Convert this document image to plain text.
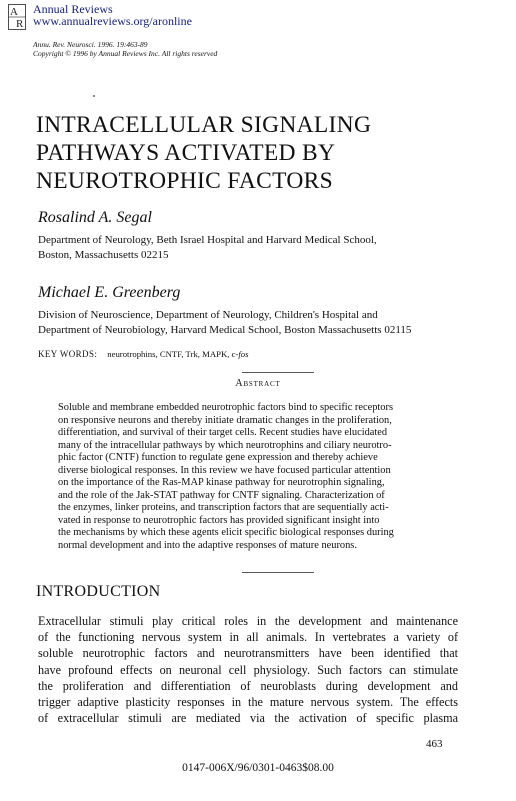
A
R
Annual Reviews
www.annualreviews.org/aronline
Annu. Rev. Neurosci. 1996. 19:463-89
Copyright © 1996 by Annual Reviews Inc. All rights reserved
INTRACELLULAR SIGNALING
PATHWAYS ACTIVATED BY
NEUROTROPHIC FACTORS
Rosalind A. Segal
Department of Neurology, Beth Israel Hospital and Harvard Medical School,
Boston, Massachusetts 02215
Michael E. Greenberg
Division of Neuroscience, Department of Neurology, Children's Hospital and
Department of Neurobiology, Harvard Medical School, Boston Massachusetts 02115
KEY WORDS: neurotrophins, CNTF, Trk, MAPK, c-fos
Abstract
Soluble and membrane embedded neurotrophic factors bind to specific receptors
on responsive neurons and thereby initiate dramatic changes in the proliferation,
differentiation, and survival of their target cells. Recent studies have elucidated
many of the intracellular pathways by which neurotrophins and ciliary neurotro-
phic factor (CNTF) function to regulate gene expression and thereby achieve
diverse biological responses. In this review we have focused particular attention
on the importance of the Ras-MAP kinase pathway for neurotrophin signaling,
and the role of the Jak-STAT pathway for CNTF signaling. Characterization of
the enzymes, linker proteins, and transcription factors that are sequentially acti-
vated in response to neurotrophic factors has provided significant insight into
the mechanisms by which these agents elicit specific biological responses during
normal development and into the adaptive responses of mature neurons.
INTRODUCTION
Extracellular stimuli play critical roles in the development and maintenance
of the functioning nervous system in all animals. In vertebrates a variety of
soluble neurotrophic factors and neurotransmitters have been identified that
have profound effects on neuronal cell physiology. Such factors can stimulate
the proliferation and differentiation of neuroblasts during development and
trigger adaptive plasticity responses in the mature nervous system. The effects
of extracellular stimuli are mediated via the activation of specific plasma
463
0147-006X/96/0301-0463$08.00
